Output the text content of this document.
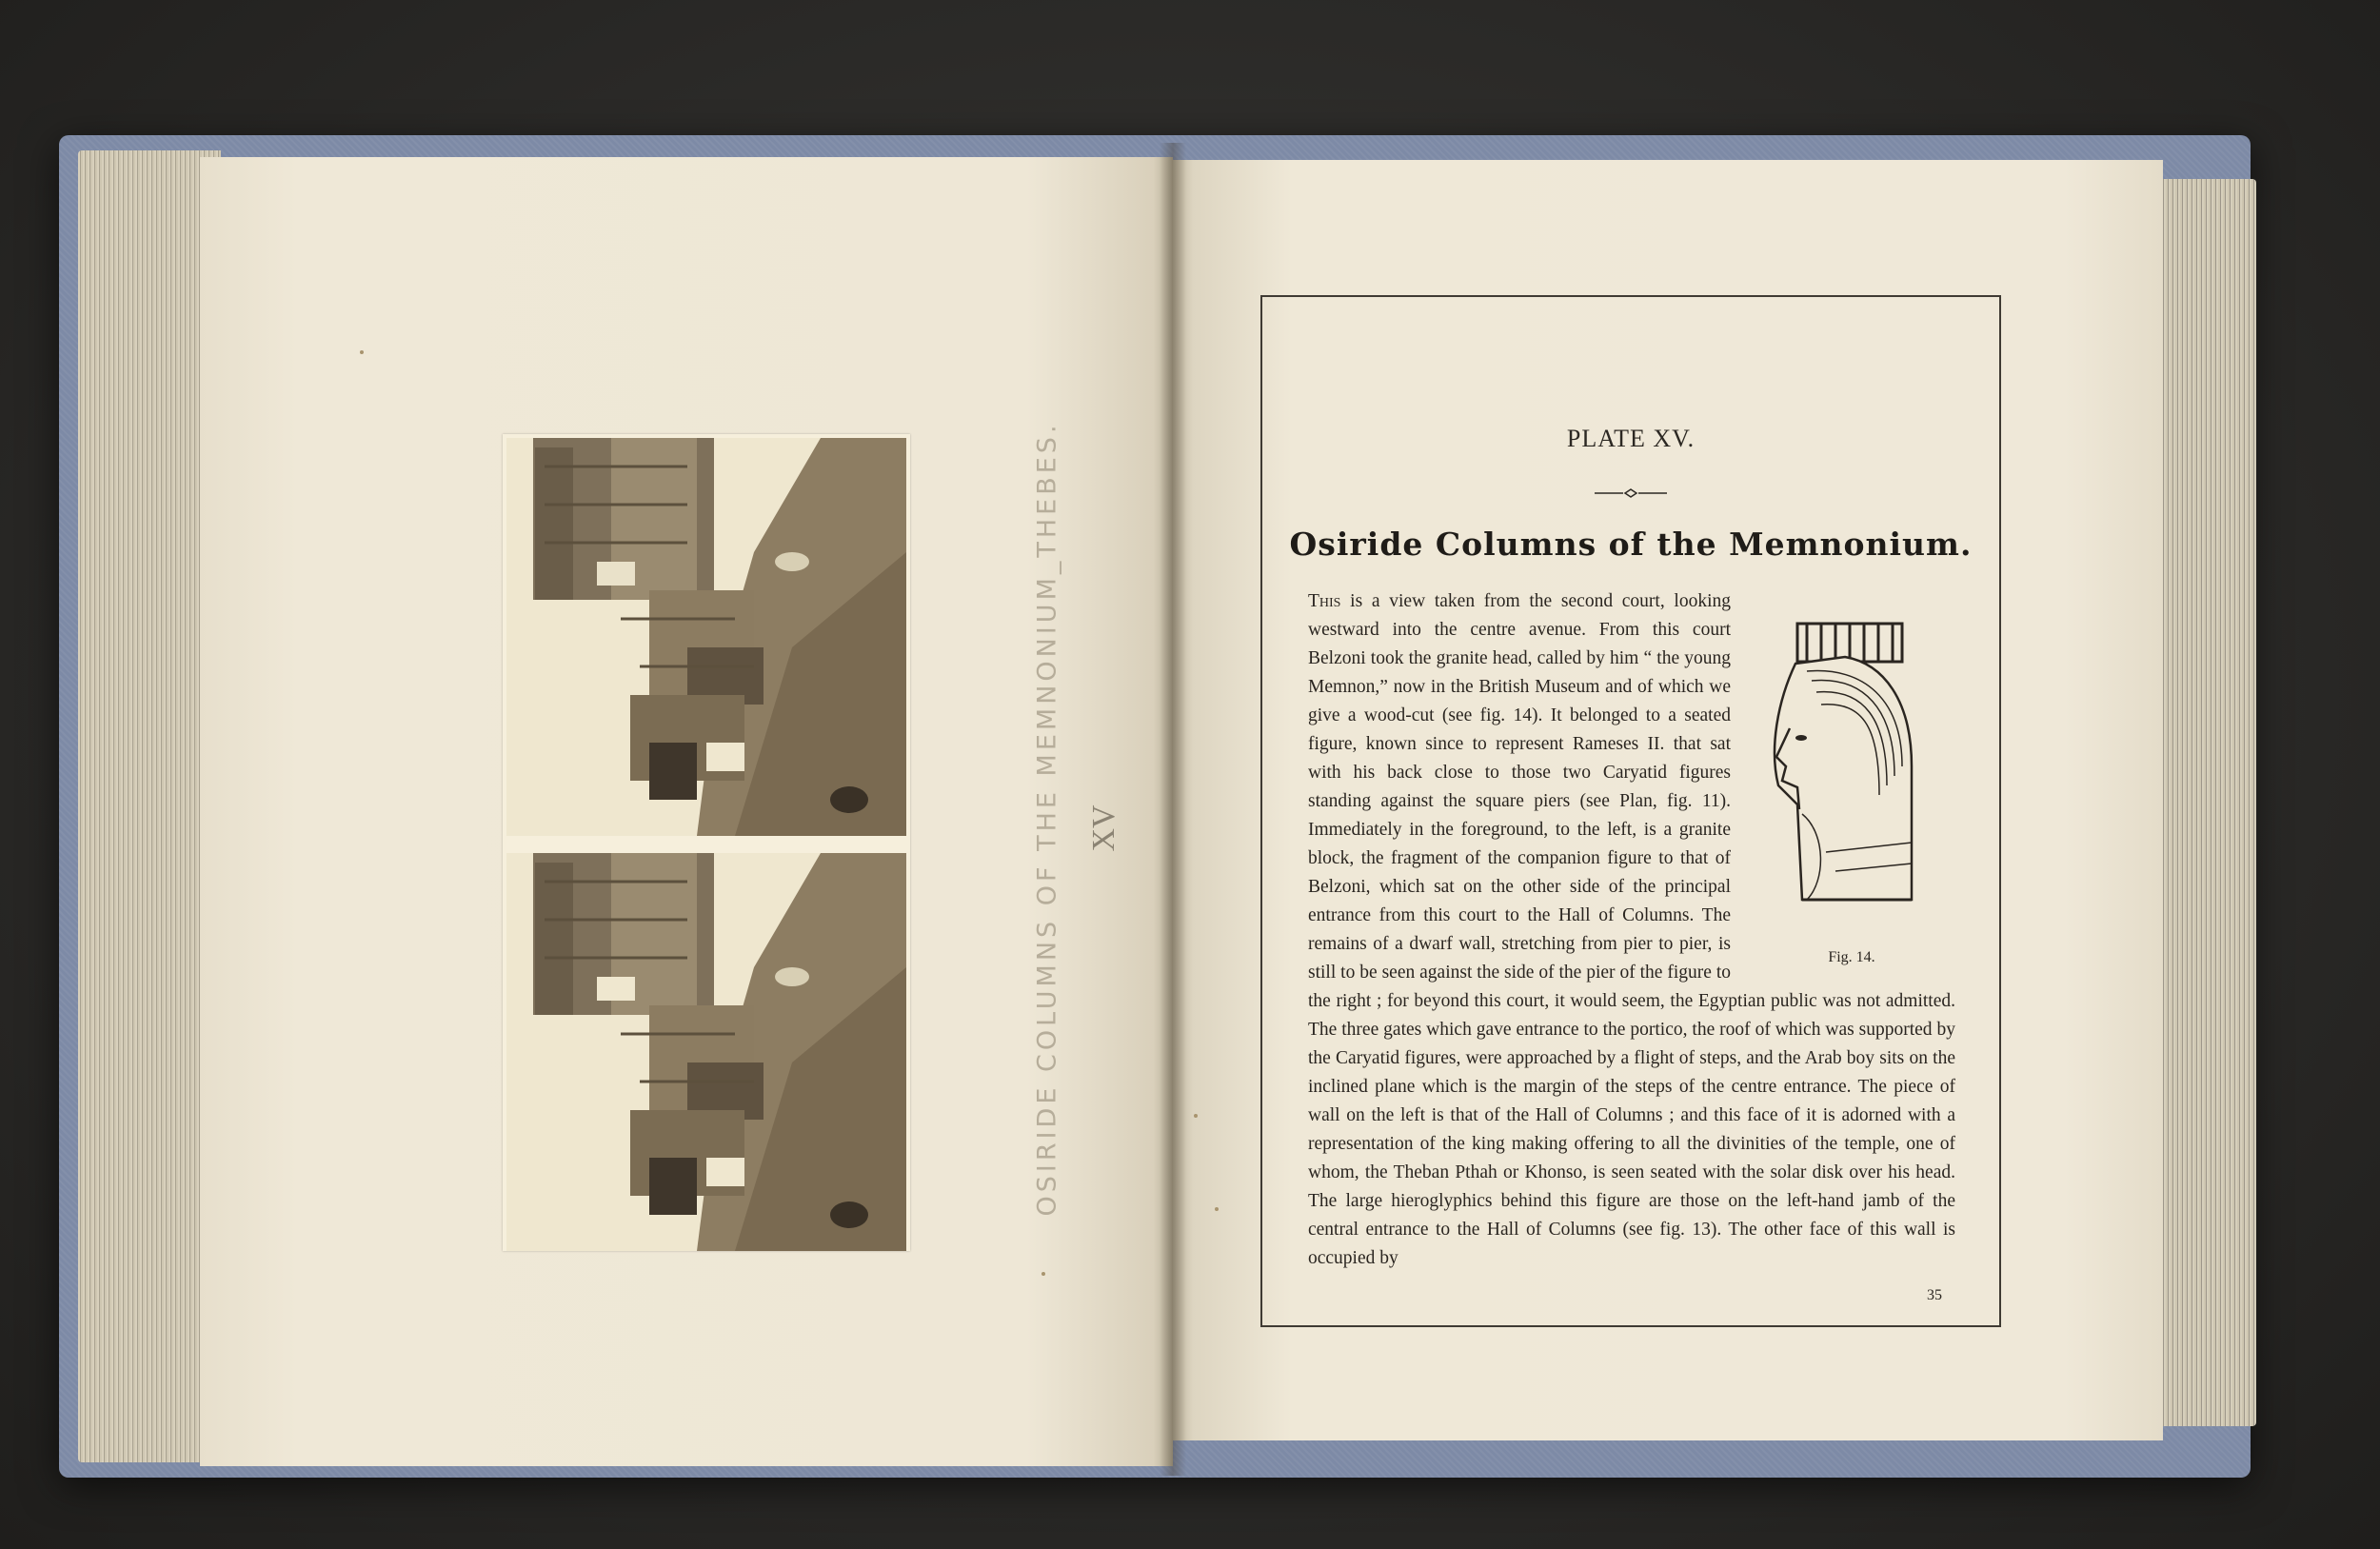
OSIRIDE COLUMNS OF THE MEMNONIUM_THEBES. XV
PLATE XV.
Osiride Columns of the Memnonium.
Fig. 14.
This is a view taken from the second court, looking westward into the centre avenue. From this court Belzoni took the granite head, called by him “ the young Memnon,” now in the British Museum and of which we give a wood-cut (see fig. 14). It belonged to a seated figure, known since to represent Rameses II. that sat with his back close to those two Caryatid figures standing against the square piers (see Plan, fig. 11). Immediately in the foreground, to the left, is a granite block, the fragment of the companion figure to that of Belzoni, which sat on the other side of the principal entrance from this court to the Hall of Columns. The remains of a dwarf wall, stretching from pier to pier, is still to be seen against the side of the pier of the figure to the right ; for beyond this court, it would seem, the Egyptian public was not admitted. The three gates which gave entrance to the portico, the roof of which was supported by the Caryatid figures, were approached by a flight of steps, and the Arab boy sits on the inclined plane which is the margin of the steps of the centre entrance. The piece of wall on the left is that of the Hall of Columns ; and this face of it is adorned with a representation of the king making offering to all the divinities of the temple, one of whom, the Theban Pthah or Khonso, is seen seated with the solar disk over his head. The large hieroglyphics behind this figure are those on the left-hand jamb of the central entrance to the Hall of Columns (see fig. 13). The other face of this wall is occupied by
35
